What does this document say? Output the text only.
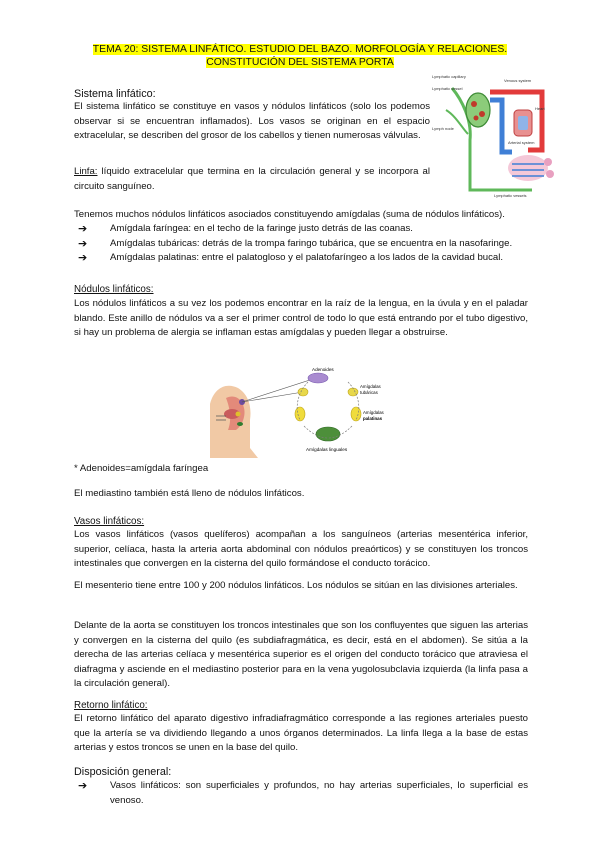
TEMA 20: SISTEMA LINFÁTICO. ESTUDIO DEL BAZO. MORFOLOGÍA Y RELACIONES.
CONSTITUCIÓN DEL SISTEMA PORTA
Lymphatic capillary
Lymphatic vessel
Lymph node
Venous system
Arterial system
Heart
Lymphatic vessels
Sistema linfático:

El sistema linfático se constituye en vasos y nódulos linfáticos (solo los podemos observar si se encuentran inflamados). Los vasos se originan en el espacio extracelular, se describen del grosor de los cabellos y tienen numerosas válvulas.

Linfa: líquido extracelular que termina en la circulación general y se incorpora al circuito sanguíneo.

Tenemos muchos nódulos linfáticos asociados constituyendo amígdalas (suma de nódulos linfáticos).

➔ Amígdala faríngea: en el techo de la faringe justo detrás de las coanas.
➔ Amígdalas tubáricas: detrás de la trompa faringo tubárica, que se encuentra en la nasofaringe.
➔ Amígdalas palatinas: entre el palatogloso y el palatofaríngeo a los lados de la cavidad bucal.
Nódulos linfáticos:

Los nódulos linfáticos a su vez los podemos encontrar en la raíz de la lengua, en la úvula y en el paladar blando. Este anillo de nódulos va a ser el primer control de todo lo que está entrando por el tubo digestivo, si hay un problema de alergia se inflaman estas amígdalas y pueden llegar a obstruirse.

Adenoides
Amígdalas
tubáricas
Amígdalas
palatinas
Amígdalas linguales

* Adenoides=amígdala faríngea

El mediastino también está lleno de nódulos linfáticos.

Vasos linfáticos:

Los vasos linfáticos (vasos quelíferos) acompañan a los sanguíneos (arterias mesentérica inferior, superior, celíaca, hasta la arteria aorta abdominal con nódulos preaórticos) y se constituyen los troncos intestinales que convergen en la cisterna del quilo formándose el conducto torácico.

El mesenterio tiene entre 100 y 200 nódulos linfáticos. Los nódulos se sitúan en las divisiones arteriales.

Delante de la aorta se constituyen los troncos intestinales que son los confluyentes que siguen las arterias y convergen en la cisterna del quilo (es subdiafragmática, es decir, está en el abdomen). Se sitúa a la derecha de las arterias celíaca y mesentérica superior es el origen del conducto torácico que atraviesa el diafragma y asciende en el mediastino posterior para en la vena yugolosubclavia izquierda (la linfa pasa a la circulación general).

Retorno linfático:

El retorno linfático del aparato digestivo infradiafragmático corresponde a las regiones arteriales puesto que la artería se va dividiendo llegando a unos órganos determinados. La linfa llega a la base de estas arterias y estos troncos se unen en la base del quilo.

Disposición general:
➔ Vasos linfáticos: son superficiales y profundos, no hay arterias superficiales, lo superficial es venoso.
